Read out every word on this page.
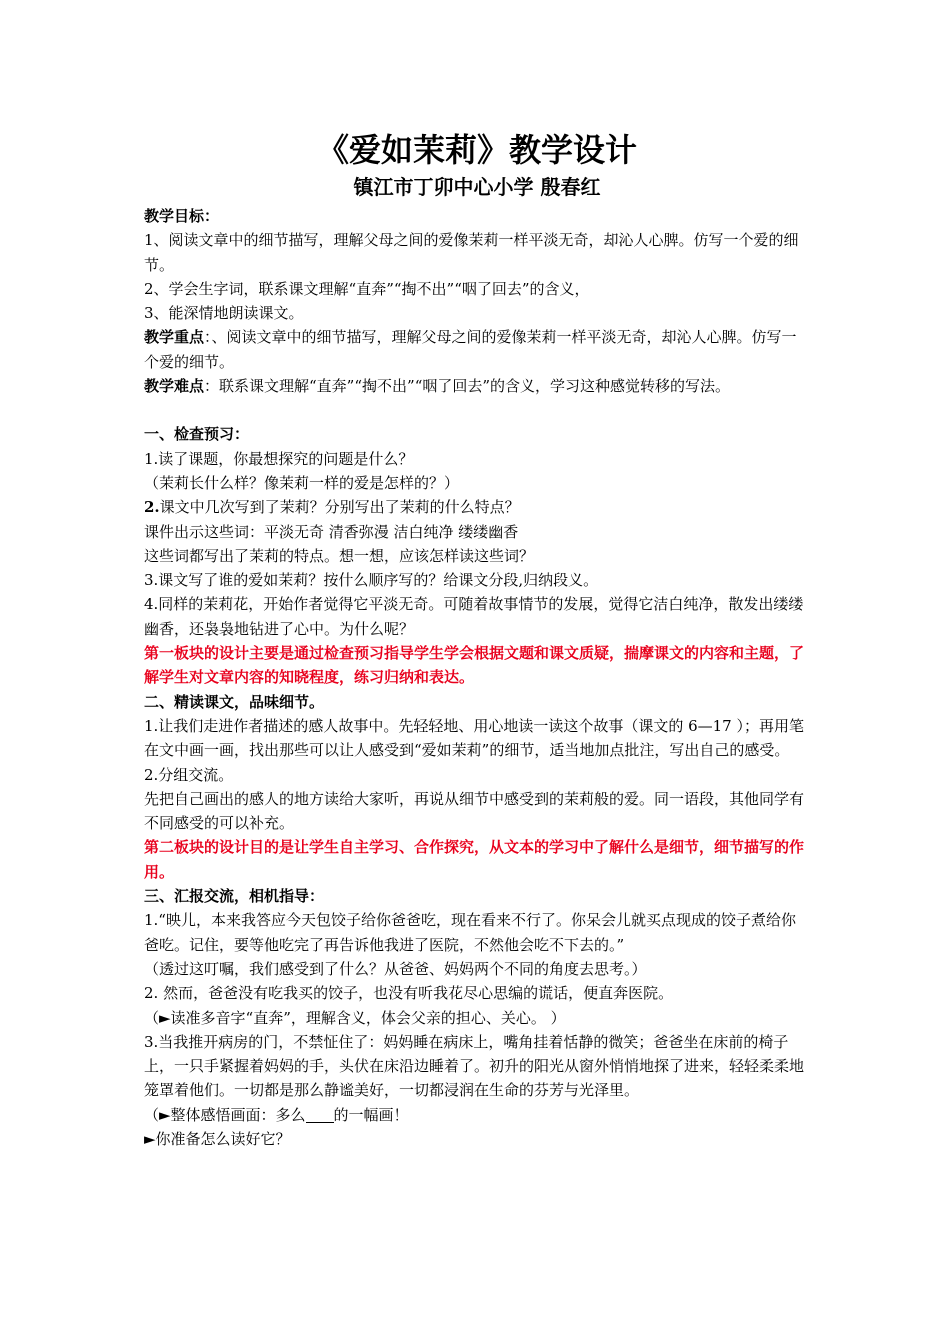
《爱如茉莉》教学设计
镇江市丁卯中心小学 殷春红

教学目标：

1、阅读文章中的细节描写，理解父母之间的爱像茉莉一样平淡无奇，却沁人心脾。仿写一个爱的细节。

2、学会生字词，联系课文理解“直奔”“掏不出”“咽了回去”的含义，

3、能深情地朗读课文。

教学重点：、阅读文章中的细节描写，理解父母之间的爱像茉莉一样平淡无奇，却沁人心脾。仿写一个爱的细节。

教学难点：联系课文理解“直奔”“掏不出”“咽了回去”的含义，学习这种感觉转移的写法。

一、检查预习：

1.读了课题，你最想探究的问题是什么？

（茉莉长什么样？像茉莉一样的爱是怎样的？）

2.课文中几次写到了茉莉？分别写出了茉莉的什么特点？

课件出示这些词：平淡无奇 清香弥漫 洁白纯净 缕缕幽香

这些词都写出了茉莉的特点。想一想，应该怎样读这些词？

3.课文写了谁的爱如茉莉？按什么顺序写的？给课文分段,归纳段义。

4.同样的茉莉花，开始作者觉得它平淡无奇。可随着故事情节的发展，觉得它洁白纯净，散发出缕缕幽香，还袅袅地钻进了心中。为什么呢？

第一板块的设计主要是通过检查预习指导学生学会根据文题和课文质疑，揣摩课文的内容和主题，了解学生对文章内容的知晓程度，练习归纳和表达。

二、精读课文，品味细节。

1.让我们走进作者描述的感人故事中。先轻轻地、用心地读一读这个故事（课文的 6—17 ）；再用笔在文中画一画，找出那些可以让人感受到“爱如茉莉”的细节，适当地加点批注，写出自己的感受。

2.分组交流。

先把自己画出的感人的地方读给大家听，再说从细节中感受到的茉莉般的爱。同一语段，其他同学有不同感受的可以补充。

第二板块的设计目的是让学生自主学习、合作探究，从文本的学习中了解什么是细节，细节描写的作用。

三、汇报交流，相机指导：

1.“映儿，本来我答应今天包饺子给你爸爸吃，现在看来不行了。你呆会儿就买点现成的饺子煮给你爸吃。记住，要等他吃完了再告诉他我进了医院，不然他会吃不下去的。”

（透过这叮嘱，我们感受到了什么？从爸爸、妈妈两个不同的角度去思考。）

2. 然而，爸爸没有吃我买的饺子，也没有听我花尽心思编的谎话，便直奔医院。

（►读准多音字“直奔”，理解含义，体会父亲的担心、关心。 ）

3.当我推开病房的门，不禁怔住了：妈妈睡在病床上，嘴角挂着恬静的微笑；爸爸坐在床前的椅子上，一只手紧握着妈妈的手，头伏在床沿边睡着了。初升的阳光从窗外悄悄地探了进来，轻轻柔柔地笼罩着他们。一切都是那么静谧美好，一切都浸润在生命的芬芳与光泽里。

（►整体感悟画面：多么 的一幅画！

►你准备怎么读好它？
